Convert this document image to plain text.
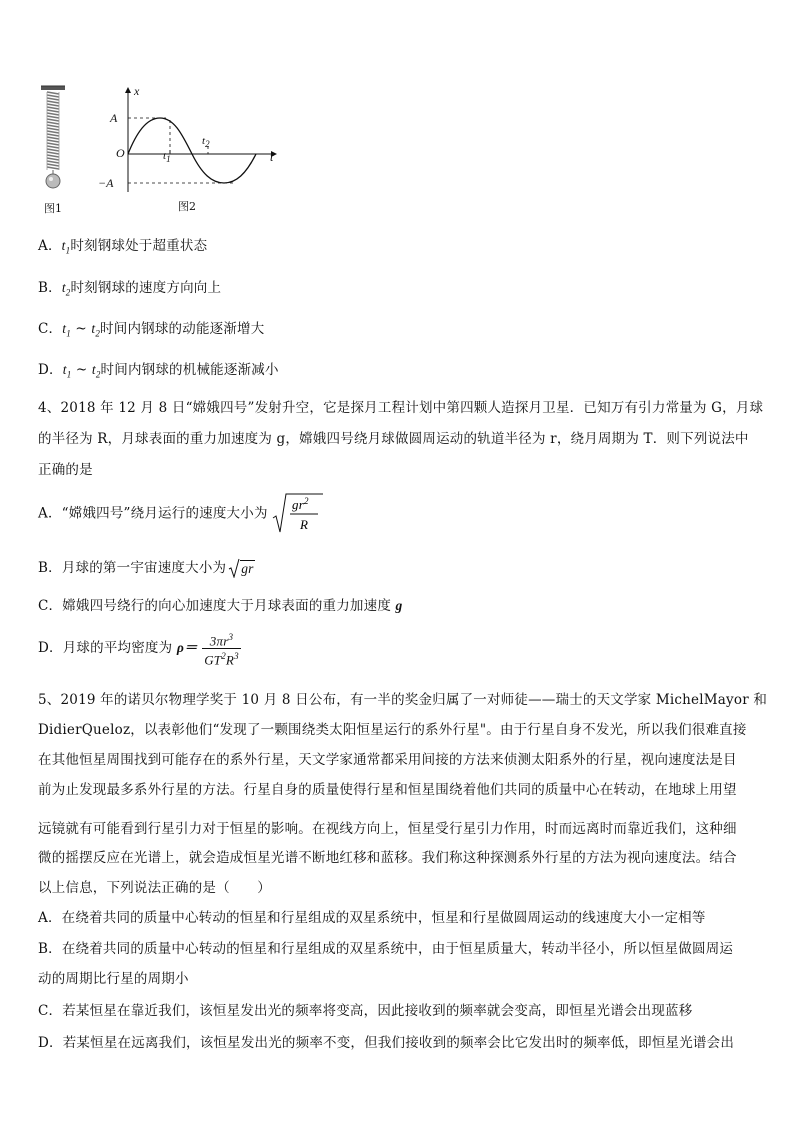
图1
x
t
O
A
−A
$t_1$
$t_2$
图2
A．$t_1$时刻钢球处于超重状态
B．$t_2$时刻钢球的速度方向向上
C．$t_1$ ~ $t_2$时间内钢球的动能逐渐增大
D．$t_1$ ~ $t_2$时间内钢球的机械能逐渐减小
4、2018 年 12 月 8 日“嫦娥四号”发射升空，它是探月工程计划中第四颗人造探月卫星．已知万有引力常量为 G，月球
的半径为 R，月球表面的重力加速度为 g，嫦娥四号绕月球做圆周运动的轨道半径为 r，绕月周期为 T．则下列说法中
正确的是
A．“嫦娥四号”绕月运行的速度大小为
$gr^2$
R
B．月球的第一宇宙速度大小为 gr
C．嫦娥四号绕行的向心加速度大于月球表面的重力加速度 g
D．月球的平均密度为 $\rho= \frac{3\pi r^3}{GT^2R^3}$
5、2019 年的诺贝尔物理学奖于 10 月 8 日公布，有一半的奖金归属了一对师徒——瑞士的天文学家 MichelMayor 和
DidierQueloz，以表彰他们“发现了一颗围绕类太阳恒星运行的系外行星"。由于行星自身不发光，所以我们很难直接
在其他恒星周围找到可能存在的系外行星，天文学家通常都采用间接的方法来侦测太阳系外的行星，视向速度法是目
前为止发现最多系外行星的方法。行星自身的质量使得行星和恒星围绕着他们共同的质量中心在转动，在地球上用望
远镜就有可能看到行星引力对于恒星的影响。在视线方向上，恒星受行星引力作用，时而远离时而靠近我们，这种细
微的摇摆反应在光谱上，就会造成恒星光谱不断地红移和蓝移。我们称这种探测系外行星的方法为视向速度法。结合
以上信息，下列说法正确的是（　　）
A．在绕着共同的质量中心转动的恒星和行星组成的双星系统中，恒星和行星做圆周运动的线速度大小一定相等
B．在绕着共同的质量中心转动的恒星和行星组成的双星系统中，由于恒星质量大，转动半径小，所以恒星做圆周运
动的周期比行星的周期小
C．若某恒星在靠近我们，该恒星发出光的频率将变高，因此接收到的频率就会变高，即恒星光谱会出现蓝移
D．若某恒星在远离我们，该恒星发出光的频率不变，但我们接收到的频率会比它发出时的频率低，即恒星光谱会出
